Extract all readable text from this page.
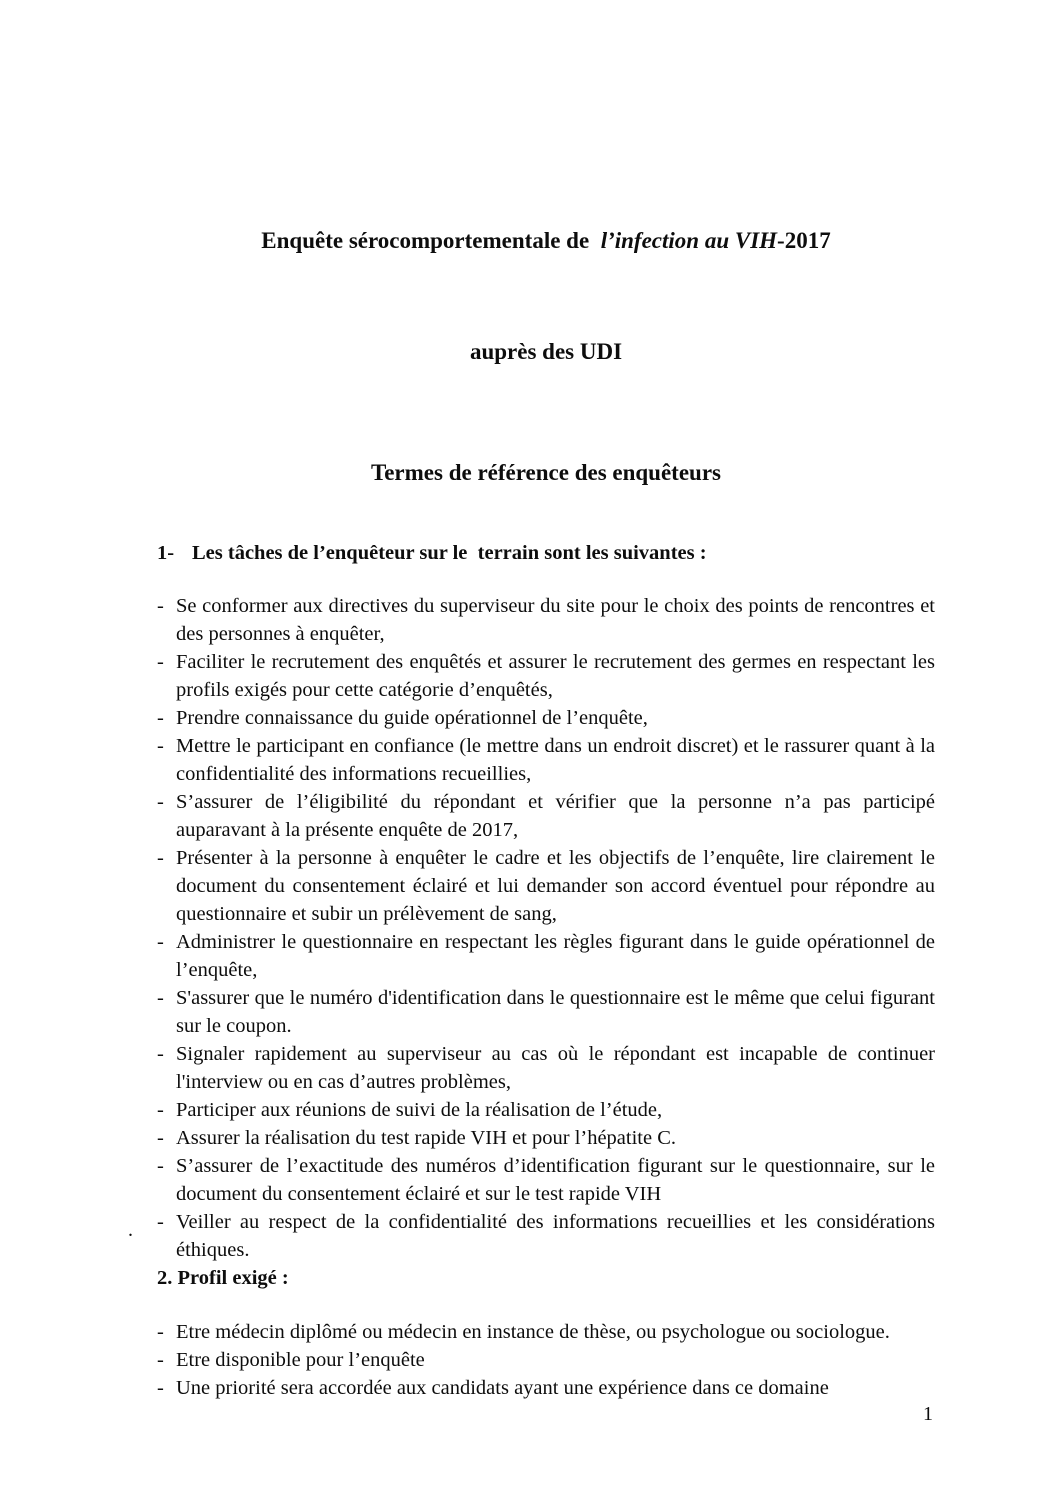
Enquête sérocomportementale de  l’infection au VIH-2017

auprès des UDI

Termes de référence des enquêteurs
1- Les tâches de l’enquêteur sur le  terrain sont les suivantes :
- Se conformer aux directives du superviseur du site pour le choix des points de rencontres et des personnes à enquêter,
- Faciliter le recrutement des enquêtés et assurer le recrutement des germes en respectant les profils exigés pour cette catégorie d’enquêtés,
- Prendre connaissance du guide opérationnel de l’enquête,
- Mettre le participant en confiance (le mettre dans un endroit discret) et le rassurer quant à la confidentialité des informations recueillies,
- S’assurer de l’éligibilité du répondant et vérifier que la personne n’a pas participé auparavant à la présente enquête de 2017,
- Présenter à la personne à enquêter le cadre et les objectifs de l’enquête, lire clairement le document du consentement éclairé et lui demander son accord éventuel pour répondre au questionnaire et subir un prélèvement de sang,
- Administrer le questionnaire en respectant les règles figurant dans le guide opérationnel de l’enquête,
- S'assurer que le numéro d'identification dans le questionnaire est le même que celui figurant sur le coupon.
- Signaler rapidement au superviseur au cas où le répondant est incapable de continuer l'interview ou en cas d’autres problèmes,
- Participer aux réunions de suivi de la réalisation de l’étude,
- Assurer la réalisation du test rapide VIH et pour l’hépatite C.
- S’assurer de l’exactitude des numéros d’identification figurant sur le questionnaire, sur le document du consentement éclairé et sur le test rapide VIH
- Veiller au respect de la confidentialité des informations recueillies et les considérations éthiques.
2. Profil exigé :
- Etre médecin diplômé ou médecin en instance de thèse, ou psychologue ou sociologue.
- Etre disponible pour l’enquête
- Une priorité sera accordée aux candidats ayant une expérience dans ce domaine
.
1
